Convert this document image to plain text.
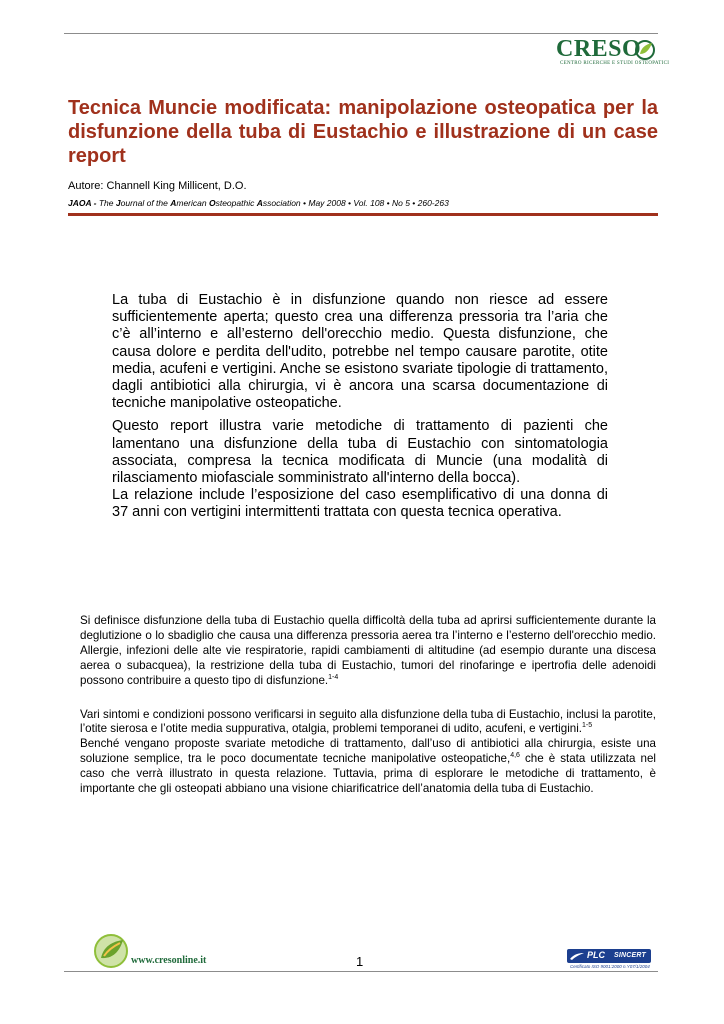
CRESO
CENTRO RICERCHE E STUDI OSTEOPATICI
Tecnica Muncie modificata: manipolazione osteopatica per la disfunzione della tuba di Eustachio e illustrazione di un case report

Autore: Channell King Millicent, D.O.

JAOA - The Journal of the American Osteopathic Association • May 2008 • Vol. 108 • No 5 • 260-263

La tuba di Eustachio è in disfunzione quando non riesce ad essere sufficientemente aperta; questo crea una differenza pressoria tra l’aria che c’è all’interno e all’esterno dell'orecchio medio. Questa disfunzione, che causa dolore e perdita dell'udito, potrebbe nel tempo causare parotite, otite media, acufeni e vertigini. Anche se esistono svariate tipologie di trattamento, dagli antibiotici alla chirurgia, vi è ancora una scarsa documentazione di tecniche manipolative osteopatiche.

Questo report illustra varie metodiche di trattamento di pazienti che lamentano una disfunzione della tuba di Eustachio con sintomatologia associata, compresa la tecnica modificata di Muncie (una modalità di rilasciamento miofasciale somministrato all'interno della bocca).

La relazione include l’esposizione del caso esemplificativo di una donna di 37 anni con vertigini intermittenti trattata con questa tecnica operativa.

Si definisce disfunzione della tuba di Eustachio quella difficoltà della tuba ad aprirsi sufficientemente durante la deglutizione o lo sbadiglio che causa una differenza pressoria aerea tra l’interno e l’esterno dell'orecchio medio. Allergie, infezioni delle alte vie respiratorie, rapidi cambiamenti di altitudine (ad esempio durante una discesa aerea o subacquea), la restrizione della tuba di Eustachio, tumori del rinofaringe e ipertrofia delle adenoidi possono contribuire a questo tipo di disfunzione.$^{1-4}$

Vari sintomi e condizioni possono verificarsi in seguito alla disfunzione della tuba di Eustachio, inclusi la parotite, l’otite sierosa e l’otite media suppurativa, otalgia, problemi temporanei di udito, acufeni, e vertigini.$^{1-5}$

Benché vengano proposte svariate metodiche di trattamento, dall’uso di antibiotici alla chirurgia, esiste una soluzione semplice, tra le poco documentate tecniche manipolative osteopatiche,$^{4,6}$ che è stata utilizzata nel caso che verrà illustrato in questa relazione. Tuttavia, prima di esplorare le metodiche di trattamento, è importante che gli osteopati abbiano una visione chiarificatrice dell’anatomia della tuba di Eustachio.

www.cresonline.it	1	PLC SINCERT
Certificato ISO 9001:2000 n.Y07/1/2004
